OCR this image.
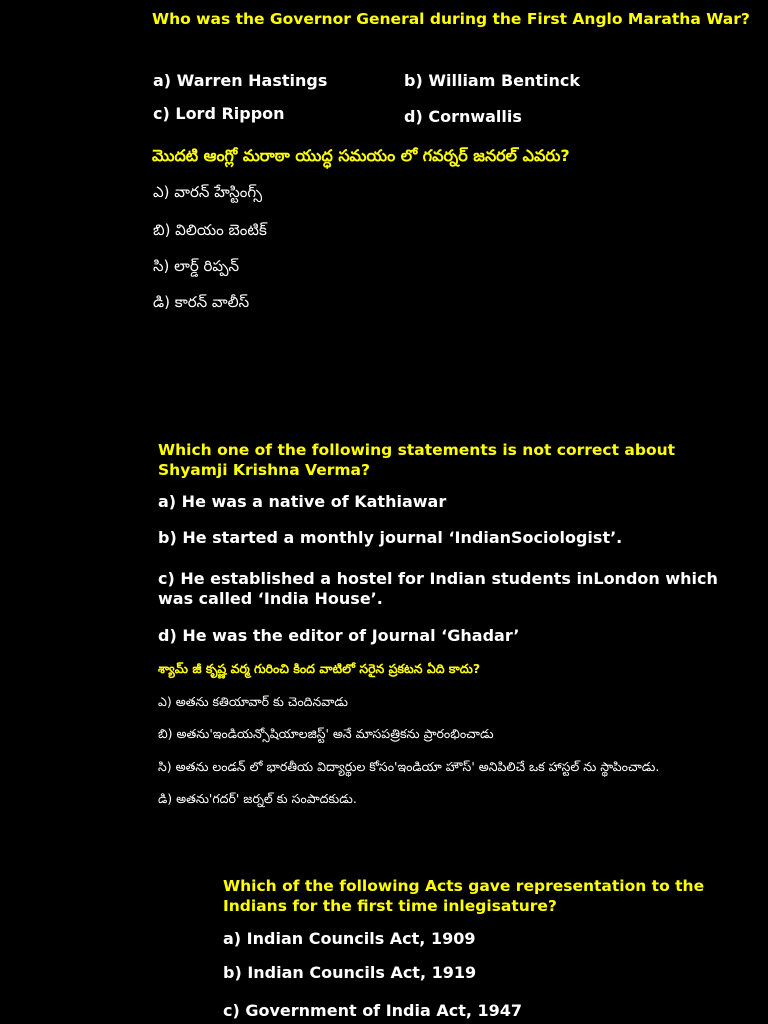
Who was the Governor General during the First Anglo Maratha War?
a) Warren Hastings	b) William Bentinck
c) Lord Rippon	d) Cornwallis
మొదటి ఆంగ్లో మరాఠా యుద్ధ సమయం లో గవర్నర్ జనరల్ ఎవరు?
ఎ) వారన్ హేస్టింగ్స్
బి) విలియం బెంటిక్
సి) లార్డ్ రిప్పన్
డి) కారన్ వాలీస్
Which one of the following statements is not correct about Shyamji Krishna Verma?
a) He was a native of Kathiawar
b) He started a monthly journal ‘IndianSociologist’.
c) He established a hostel for Indian students inLondon which was called ‘India House’.
d) He was the editor of Journal ‘Ghadar’
శ్యామ్ జీ కృష్ణ వర్మ గురించి కింద వాటిలో సరైన ప్రకటన ఏది కాదు?
ఎ) అతను కతియావార్ కు చెందినవాడు
బి) అతను'ఇండియన్సోషియాలజిస్ట్' అనే మాసపత్రికను ప్రారంభించాడు
సి) అతను లండన్ లో భారతీయ విద్యార్థుల కోసం'ఇండియా హౌస్' అనిపిలిచే ఒక హాస్టల్ ను స్థాపించాడు.
డి) అతను'గదర్' జర్నల్ కు సంపాదకుడు.
Which of the following Acts gave representation to the Indians for the first time inlegisature?
a) Indian Councils Act, 1909
b) Indian Councils Act, 1919
c) Government of India Act, 1947
